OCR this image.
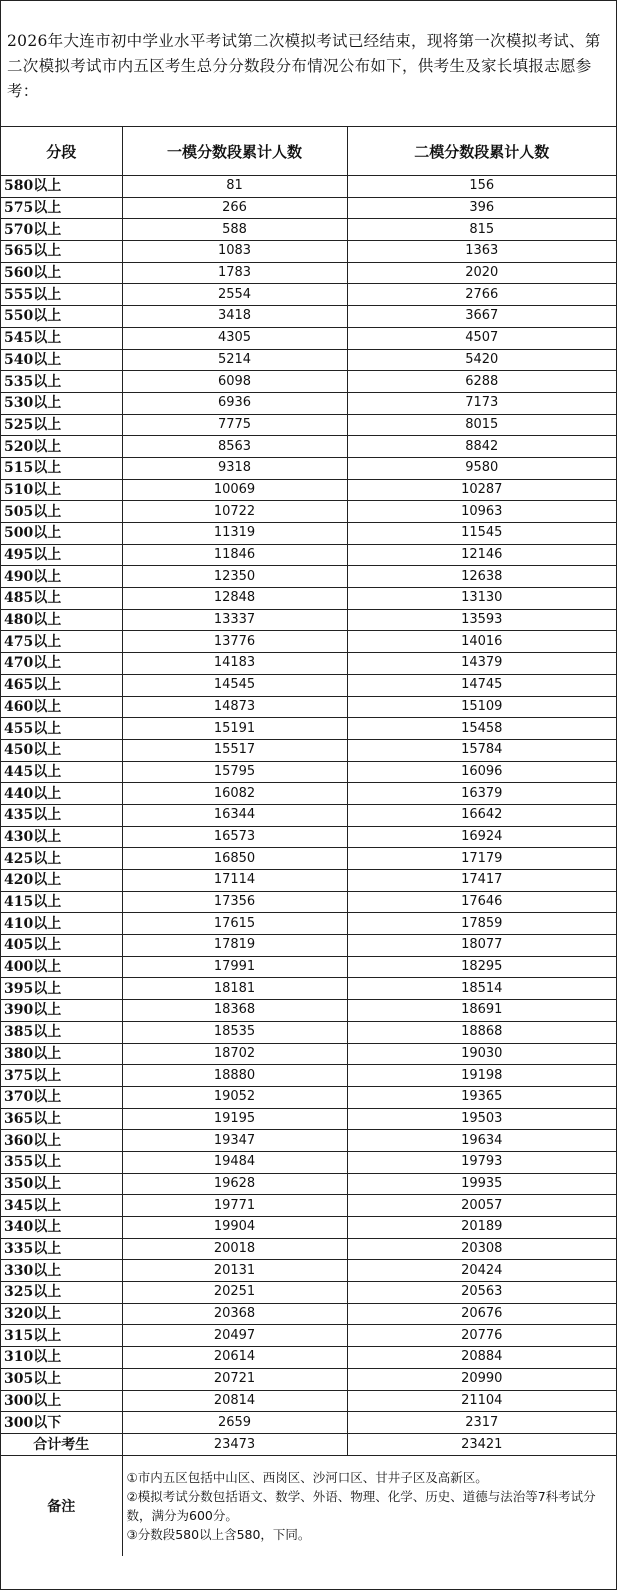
2026年大连市初中学业水平考试第二次模拟考试已经结束，现将第一次模拟考试、第二次模拟考试市内五区考生总分分数段分布情况公布如下，供考生及家长填报志愿参考：
分段	一模分数段累计人数	二模分数段累计人数
580以上	81	156
575以上	266	396
570以上	588	815
565以上	1083	1363
560以上	1783	2020
555以上	2554	2766
550以上	3418	3667
545以上	4305	4507
540以上	5214	5420
535以上	6098	6288
530以上	6936	7173
525以上	7775	8015
520以上	8563	8842
515以上	9318	9580
510以上	10069	10287
505以上	10722	10963
500以上	11319	11545
495以上	11846	12146
490以上	12350	12638
485以上	12848	13130
480以上	13337	13593
475以上	13776	14016
470以上	14183	14379
465以上	14545	14745
460以上	14873	15109
455以上	15191	15458
450以上	15517	15784
445以上	15795	16096
440以上	16082	16379
435以上	16344	16642
430以上	16573	16924
425以上	16850	17179
420以上	17114	17417
415以上	17356	17646
410以上	17615	17859
405以上	17819	18077
400以上	17991	18295
395以上	18181	18514
390以上	18368	18691
385以上	18535	18868
380以上	18702	19030
375以上	18880	19198
370以上	19052	19365
365以上	19195	19503
360以上	19347	19634
355以上	19484	19793
350以上	19628	19935
345以上	19771	20057
340以上	19904	20189
335以上	20018	20308
330以上	20131	20424
325以上	20251	20563
320以上	20368	20676
315以上	20497	20776
310以上	20614	20884
305以上	20721	20990
300以上	20814	21104
300以下	2659	2317
合计考生	23473	23421
备注	①市内五区包括中山区、西岗区、沙河口区、甘井子区及高新区。
②模拟考试分数包括语文、数学、外语、物理、化学、历史、道德与法治等7科考试分数，满分为600分。
③分数段580以上含580，下同。	
